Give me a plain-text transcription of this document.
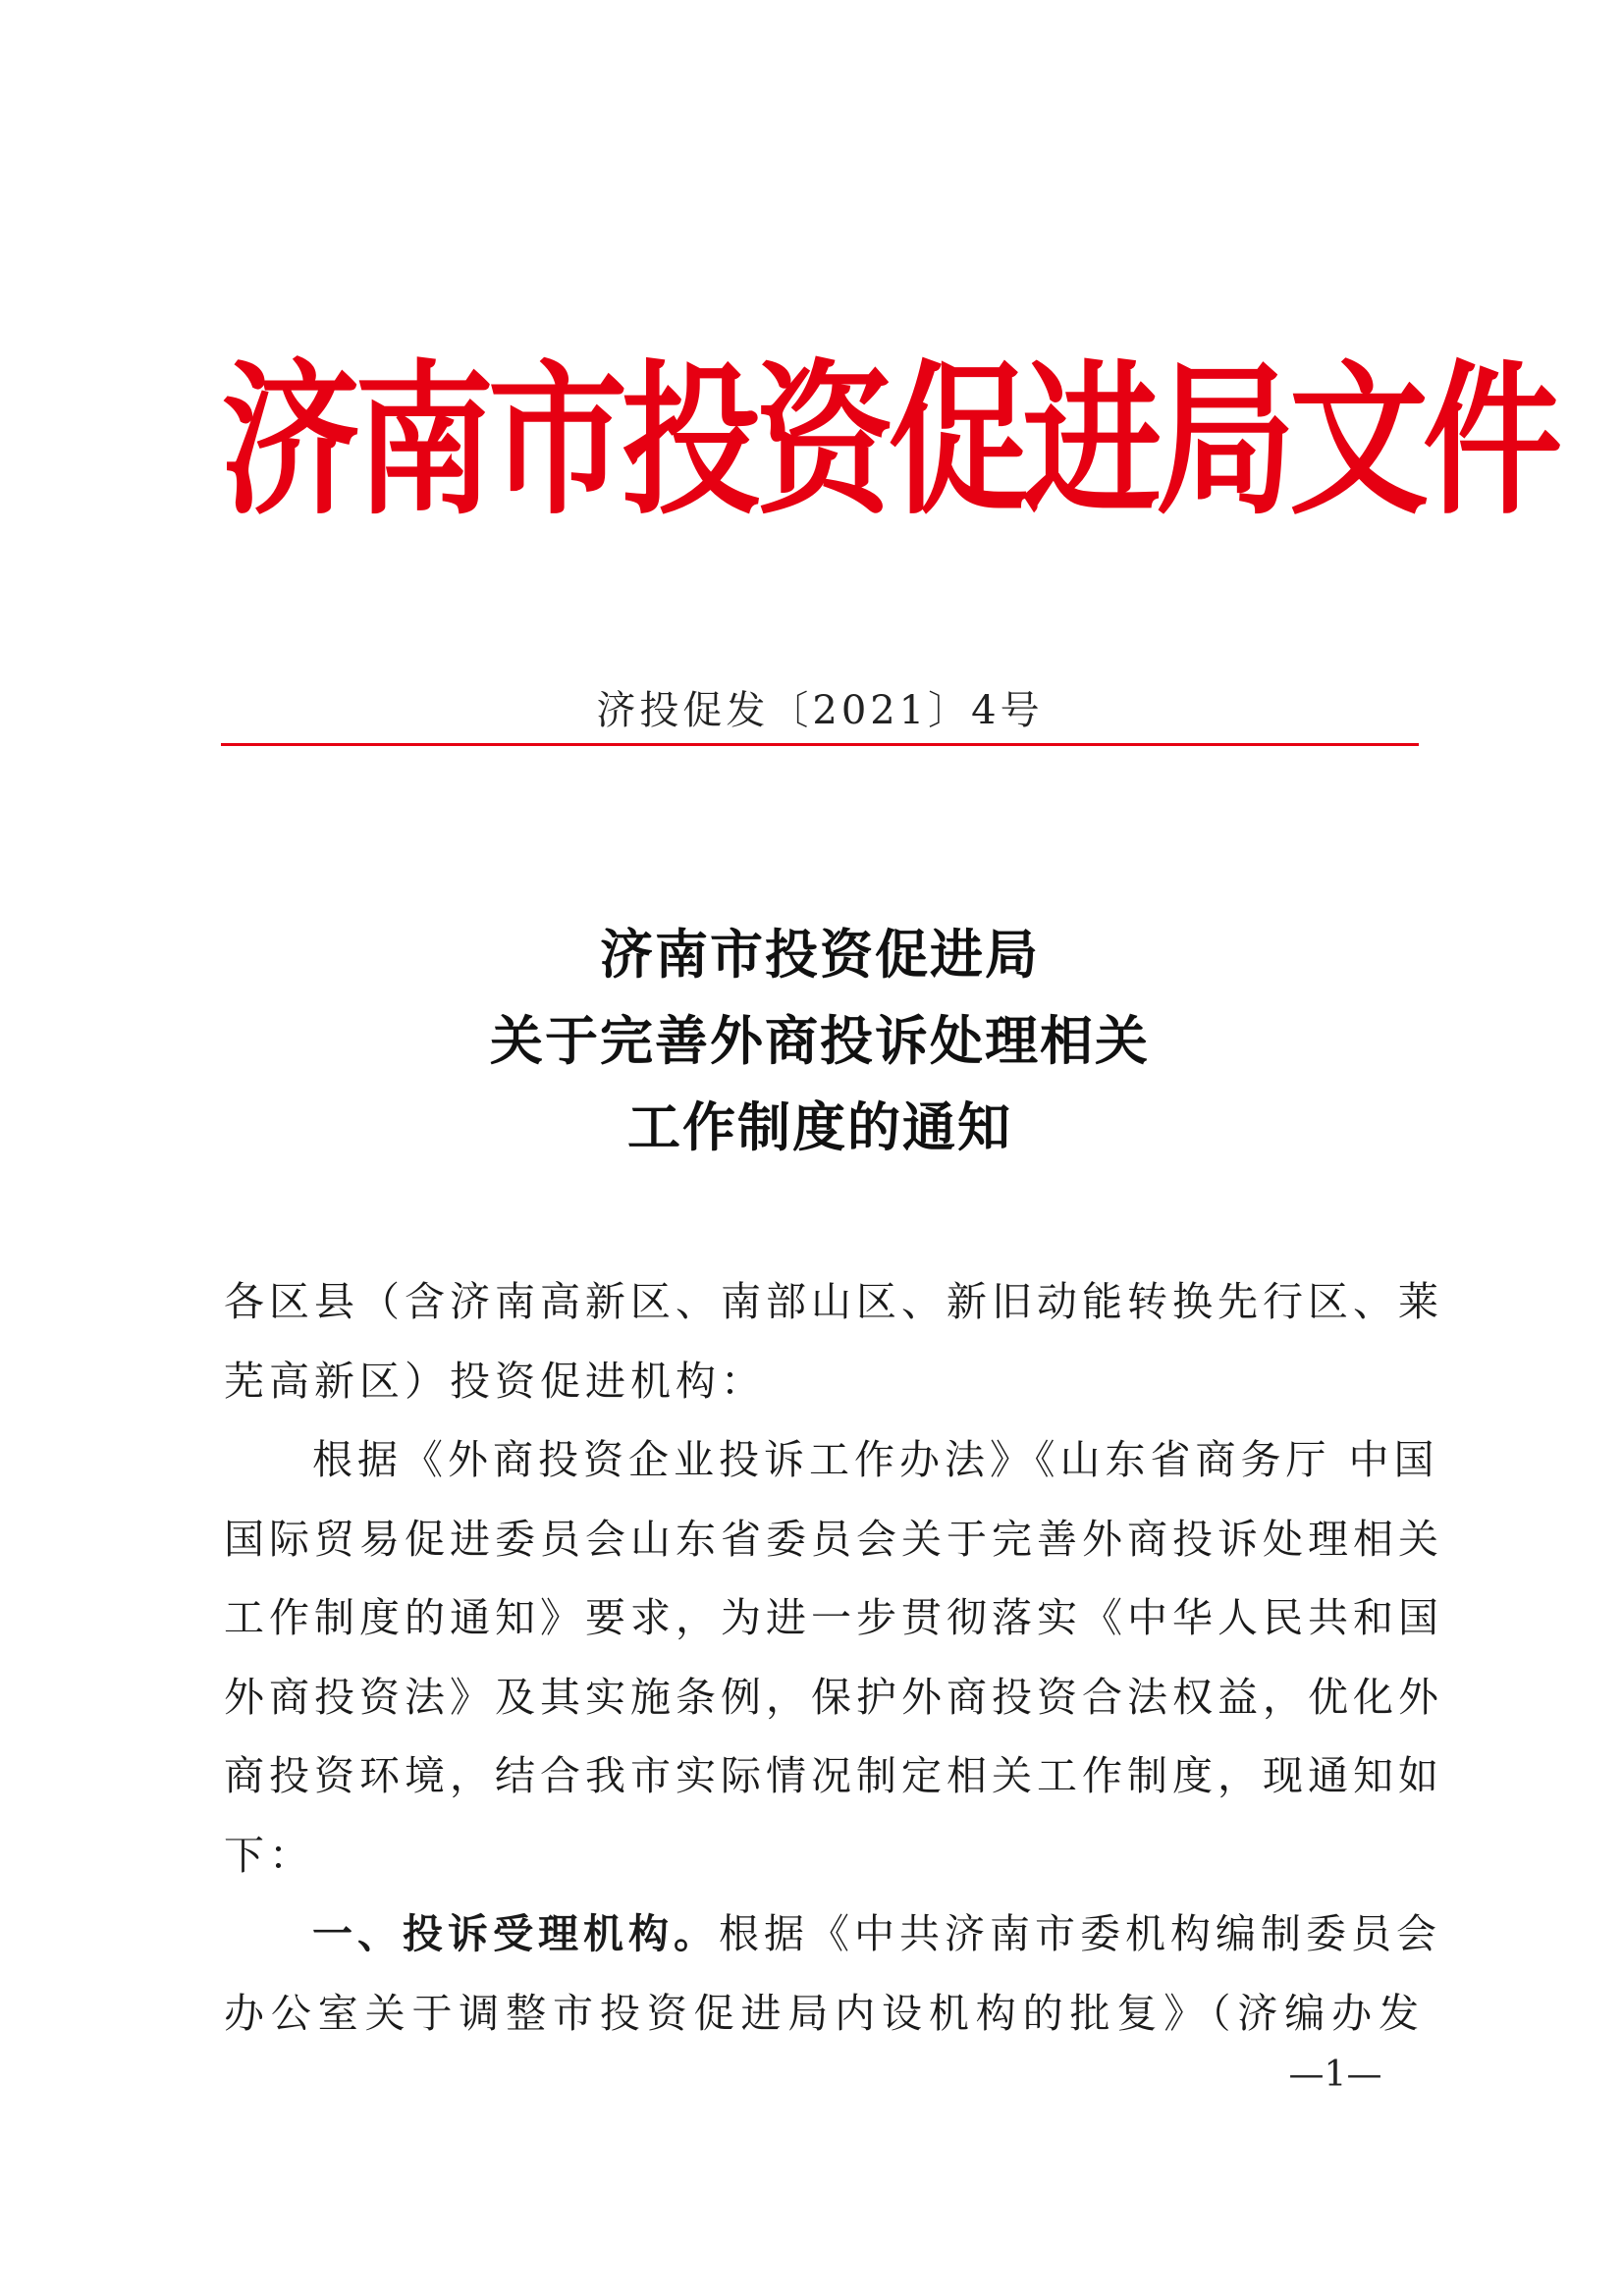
济南市投资促进局文件
济投促发〔2021〕4号
济南市投资促进局
关于完善外商投诉处理相关
工作制度的通知
各区县（含济南高新区、南部山区、新旧动能转换先行区、莱
芜高新区）投资促进机构：
根据《外商投资企业投诉工作办法》《山东省商务厅 中国
国际贸易促进委员会山东省委员会关于完善外商投诉处理相关
工作制度的通知》要求，为进一步贯彻落实《中华人民共和国
外商投资法》及其实施条例，保护外商投资合法权益，优化外
商投资环境，结合我市实际情况制定相关工作制度，现通知如
下：
一、投诉受理机构。根据《中共济南市委机构编制委员会
办公室关于调整市投资促进局内设机构的批复》（济编办发
—1—
